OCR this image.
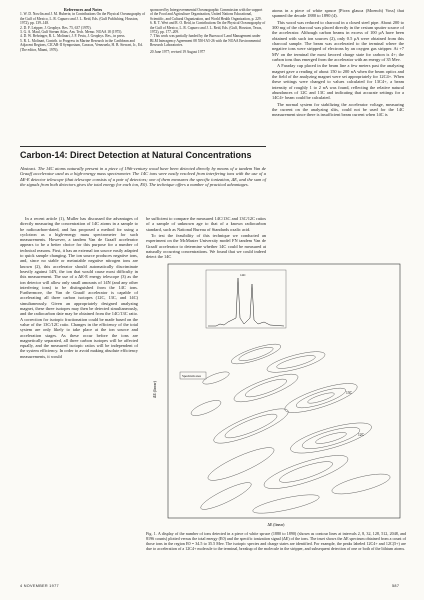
References and Notes
1. W. D. Nowlin and J. M. Hubertz; in Contributions On the Physical Oceanography of the Gulf of Mexico, L. R. Capurro and J. L. Reid, Eds. (Gulf Publishing, Houston, 1972), pp. 139–148.
2. D. F. Leipper, J. Geophys. Res. 75, 637 (1970).
3. G. A. Maul, Gulf Stream Atlas, Am. Tech. Memo. NOAA 18 (1975).
4. D. W. Behringer, R. L. Molinari, J. F. Festa, J. Geophys. Res., in press.
5. R. L. Molinari, Contrib. to Progress in Marine Research in the Caribbean and Adjacent Regions, CICAR-II Symposium, Caracas, Venezuela, H. B. Stewart, Jr., Ed. (The editor, Miami, 1976).
sponsored by Intergovernmental Oceanographic Commission with the support of the Food and Agriculture Organization, United Nations Educational, Scientific, and Cultural Organization, and World Health Organization, p. 229.
6. R. T. Wert and R. O. Reid, in Contributions On the Physical Oceanography of the Gulf of Mexico, L. R. Capurro and J. L. Reid, Eds. (Gulf, Houston, Texas, 1972), pp. 177–209.
7. This work was partially funded by the Bureau of Land Management under BLM Interagency Agreement 08 550-IA5-26 with the NOAA Environmental Research Laboratories.
20 June 1977; revised 19 August 1977

atoms in a piece of white spruce [Picea glauca (Moench) Voss] that spanned the decade 1880 to 1890 (4).

This wood was reduced to charcoal in a closed steel pipe. About 200 to 300 mg of the charcoal was placed directly in the cesium sputter source of the accelerator. Although carbon beams in excess of 100 μA have been obtained with such ion sources (2), only 0.5 μA were obtained from this charcoal sample. The beam was accelerated to the terminal where the negative ions were stripped of electrons by an oxygen gas stripper. At +7 MV on the terminal the most favored charge state for carbon is 4+; the carbon ions thus emerged from the accelerator with an energy of 35 Mev.

A Faraday cup placed in the beam line a few meters past the analyzing magnet gave a reading of about 150 to 200 nA when the beam optics and the field of the analyzing magnet were set appropriately for 12C4+. When these settings were changed to values calculated for 13C4+, a beam intensity of roughly 1 to 2 nA was found, reflecting the relative natural abundances of 12C and 13C and indicating that accurate settings for a 14C4+ beam could be calculated.

The normal system for stabilizing the accelerator voltage, measuring the current on the analyzing slits, could not be used for the 14C measurement since there is insufficient beam current when 14C is

Carbon-14: Direct Detection at Natural Concentrations
Abstract. The 14C atoms naturally present in a piece of 19th-century wood have been detected directly by means of a tandem Van de Graaff accelerator used as a high-energy mass spectrometer. The 14C ions were easily resolved from interfering ions with the use of a ΔE-E detector telescope (that telescope consists of a pair of detectors; one of them measures the specific ionization, ΔE, and the sum of the signals from both detectors gives the total energy for each ion, E0). The technique offers a number of practical advantages.

In a recent article (1), Muller has discussed the advantages of directly measuring the concentration of 14C atoms in a sample to be radiocarbon-dated, and has proposed a method for using a cyclotron as a high-energy mass spectrometer for such measurements. However, a tandem Van de Graaff accelerator appears to be a better choice for this purpose for a number of technical reasons. First, it has an external ion source easily adapted to quick sample changing. The ion source produces negative ions, and, since no stable or metastable negative nitrogen ions are known (2), this accelerator should automatically discriminate heavily against 14N, the ion that would cause most difficulty in this measurement. The use of a ΔE-E energy telescope (3) as the ion detector will allow only small amounts of 14N (and any other interfering ions) to be distinguished from the 14C ions. Furthermore, the Van de Graaff accelerator is capable of accelerating all three carbon isotopes (12C, 13C, and 14C) simultaneously. Given an appropriately designed analyzing magnet, these three isotopes may then be detected simultaneously, and the radiocarbon date may be obtained from the 14C/13C ratio. A correction for isotopic fractionation could be made based on the value of the 13C/12C ratio. Changes in the efficiency of the total system are only likely to take place at the ion source and acceleration stages. As these occur before the ions are magnetically separated, all three carbon isotopes will be affected equally, and the measured isotopic ratios will be independent of the system efficiency. In order to avoid making absolute efficiency measurements, it would

be sufficient to compare the measured 14C/13C and 13C/12C ratios of a sample of unknown age to that of a known radiocarbon standard, such as National Bureau of Standards oxalic acid.

To test the feasibility of this technique we conducted an experiment on the McMaster University model FN tandem Van de Graaff accelerator to determine whether 14C could be measured at naturally occurring concentrations. We found that we could indeed detect the 14C

14C
Spectrum area
13C
12C
ΔE (linear)
ΔE (linear)
Fig. 1. A display of the number of ions detected in a piece of white spruce (1880 to 1890) (shown as contour lines at intervals 2, 8, 32, 128, 512, 2048, and 8196 counts) plotted versus the total energy (E0) and the specific ionization signal (ΔE) of the ions. The inset shows the ΔE spectrum obtained from a count of those ions in the region E0 = 34.5 to 35.5 Mev. The isotopic species and charge states are identified. For example, the peaks labeled 12C4+ and 12C(5+) are due to acceleration of a 12C4+ molecule to the terminal, breakup of the molecule in the stripper, and subsequent detection of one or both of the lithium atoms.
4 NOVEMBER 1977	587
